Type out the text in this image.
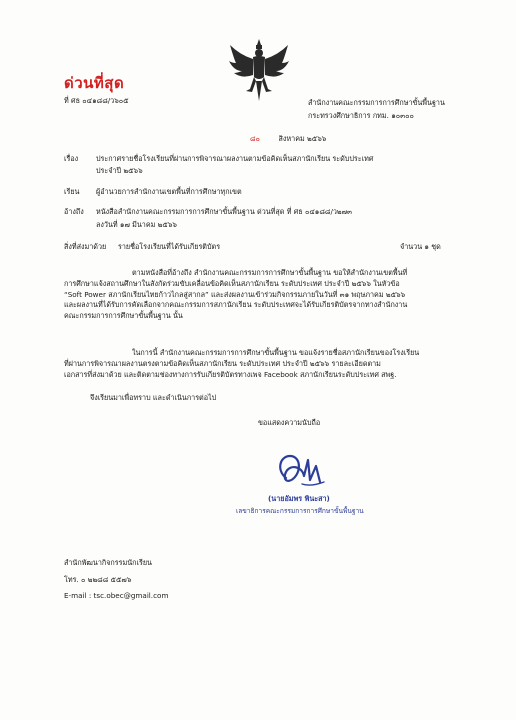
ด่วนที่สุด
ที่ ศธ ๐๔๑๘๘/ว๖๐๕	สำนักงานคณะกรรมการการศึกษาขั้นพื้นฐาน
กระทรวงศึกษาธิการ กทม. ๑๐๓๐๐
๘๐	สิงหาคม ๒๕๖๖
เรื่อง ประกาศรายชื่อโรงเรียนที่ผ่านการพิจารณาผลงานตามข้อคิดเห็นสภานักเรียน ระดับประเทศ
ประจำปี ๒๕๖๖
เรียน ผู้อำนวยการสำนักงานเขตพื้นที่การศึกษาทุกเขต
อ้างถึง หนังสือสำนักงานคณะกรรมการการศึกษาขั้นพื้นฐาน ด่วนที่สุด ที่ ศธ ๐๔๑๘๘/ว๒๗๓
ลงวันที่ ๑๗ มีนาคม ๒๕๖๖
สิ่งที่ส่งมาด้วย รายชื่อโรงเรียนที่ได้รับเกียรติบัตร	จำนวน ๑ ชุด
ตามหนังสือที่อ้างถึง สำนักงานคณะกรรมการการศึกษาขั้นพื้นฐาน ขอให้สำนักงานเขตพื้นที่
การศึกษาแจ้งสถานศึกษาในสังกัดร่วมขับเคลื่อนข้อคิดเห็นสภานักเรียน ระดับประเทศ ประจำปี ๒๕๖๖ ในหัวข้อ
“Soft Power สภานักเรียนไทยก้าวไกลสู่สากล” และส่งผลงานเข้าร่วมกิจกรรมภายในวันที่ ๓๑ พฤษภาคม ๒๕๖๖
และผลงานที่ได้รับการคัดเลือกจากคณะกรรมการสภานักเรียน ระดับประเทศจะได้รับเกียรติบัตรจากทางสำนักงาน
คณะกรรมการการศึกษาขั้นพื้นฐาน นั้น
ในการนี้ สำนักงานคณะกรรมการการศึกษาขั้นพื้นฐาน ขอแจ้งรายชื่อสภานักเรียนของโรงเรียน
ที่ผ่านการพิจารณาผลงานตรงตามข้อคิดเห็นสภานักเรียน ระดับประเทศ ประจำปี ๒๕๖๖ รายละเอียดตาม
เอกสารที่ส่งมาด้วย และติดตามช่องทางการรับเกียรติบัตรทางเพจ Facebook สภานักเรียนระดับประเทศ สพฐ.
จึงเรียนมาเพื่อทราบ และดำเนินการต่อไป
ขอแสดงความนับถือ
(นายอัมพร พินะสา)
เลขาธิการคณะกรรมการการศึกษาขั้นพื้นฐาน
สำนักพัฒนากิจกรรมนักเรียน
โทร. ๐ ๒๒๘๘ ๕๕๗๖
E-mail : tsc.obec@gmail.com
